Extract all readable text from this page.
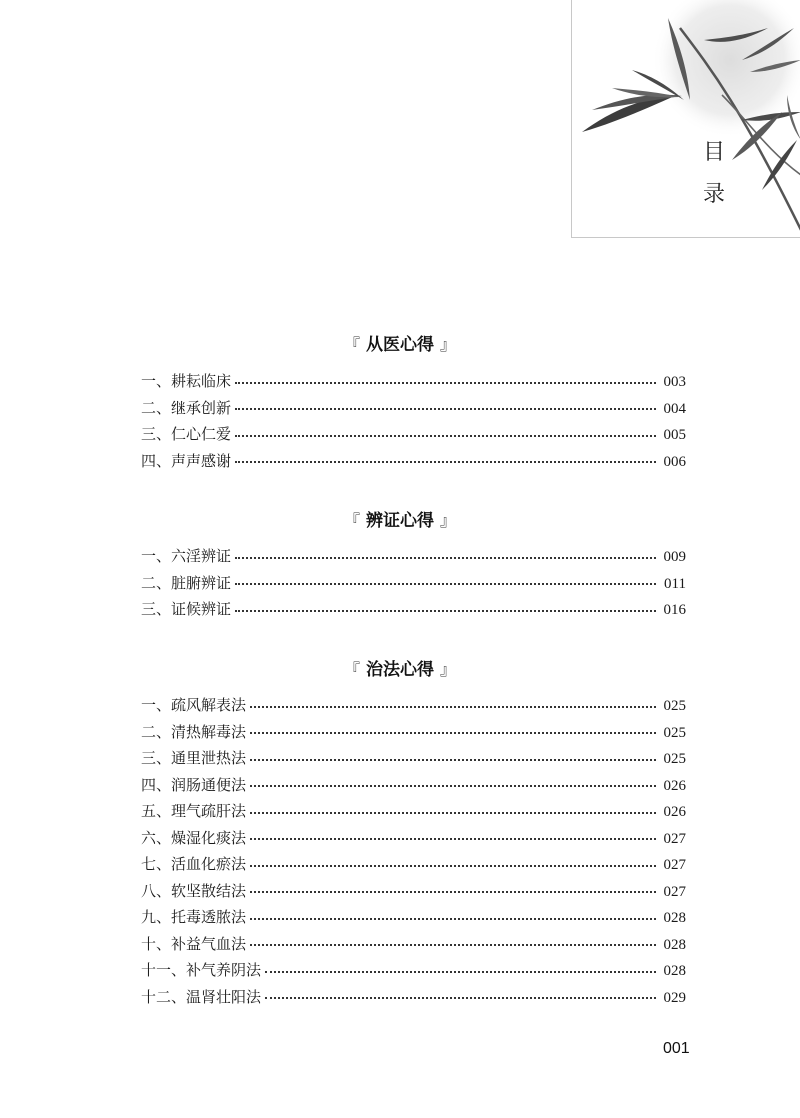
目
录
『 从医心得 』
一、耕耘临床	003
二、继承创新	004
三、仁心仁爱	005
四、声声感谢	006
『 辨证心得 』
一、六淫辨证	009
二、脏腑辨证	011
三、证候辨证	016
『 治法心得 』
一、疏风解表法	025
二、清热解毒法	025
三、通里泄热法	025
四、润肠通便法	026
五、理气疏肝法	026
六、燥湿化痰法	027
七、活血化瘀法	027
八、软坚散结法	027
九、托毒透脓法	028
十、补益气血法	028
十一、补气养阴法	028
十二、温肾壮阳法	029
001
